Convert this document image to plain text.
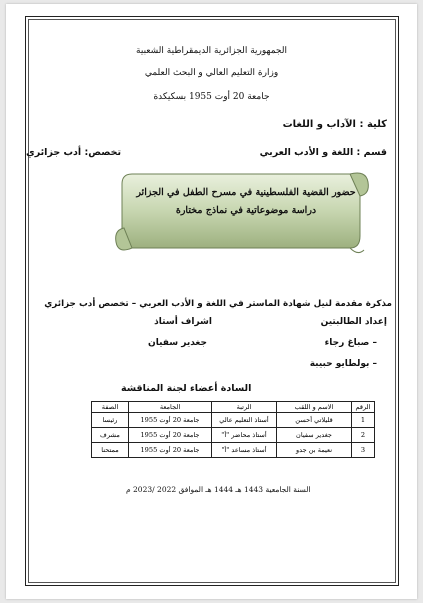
الجمهورية الجزائرية الديمقراطية الشعبية
وزارة التعليم العالي و البحث العلمي
جامعة 20 أوت 1955 بسكيكدة
كلية : الآداب و اللغات
قسم : اللغة و الأدب العربي
تخصص: أدب جزائري
حضور القضية الفلسطينية في مسرح الطفل في الجزائر
دراسة موضوعاتية في نماذج مختارة
مذكرة مقدمة لنيل شهادة الماستر في اللغة و الأدب العربي – تخصص أدب جزائري
إعداد الطالبتين
اشراف أستاذ
– صباغ رجاء
جغدير سفيان
– بولطايو حبيبة
السادة أعضاء لجنة المناقشة
الرقم	الاسم و اللقب	الرتبة	الجامعة	الصفة
1	قليلاتي أحسن	أستاذ التعليم عالي	جامعة 20 أوت 1955	رئيسا
2	جغدير سفيان	أستاذ محاضر "أ"	جامعة 20 أوت 1955	مشرف
3	نعيمة بن جدو	أستاذ مساعد "أ"	جامعة 20 أوت 1955	ممتحنا
السنة الجامعية 1443 هـ 1444 هـ الموافق 2022 /2023 م
